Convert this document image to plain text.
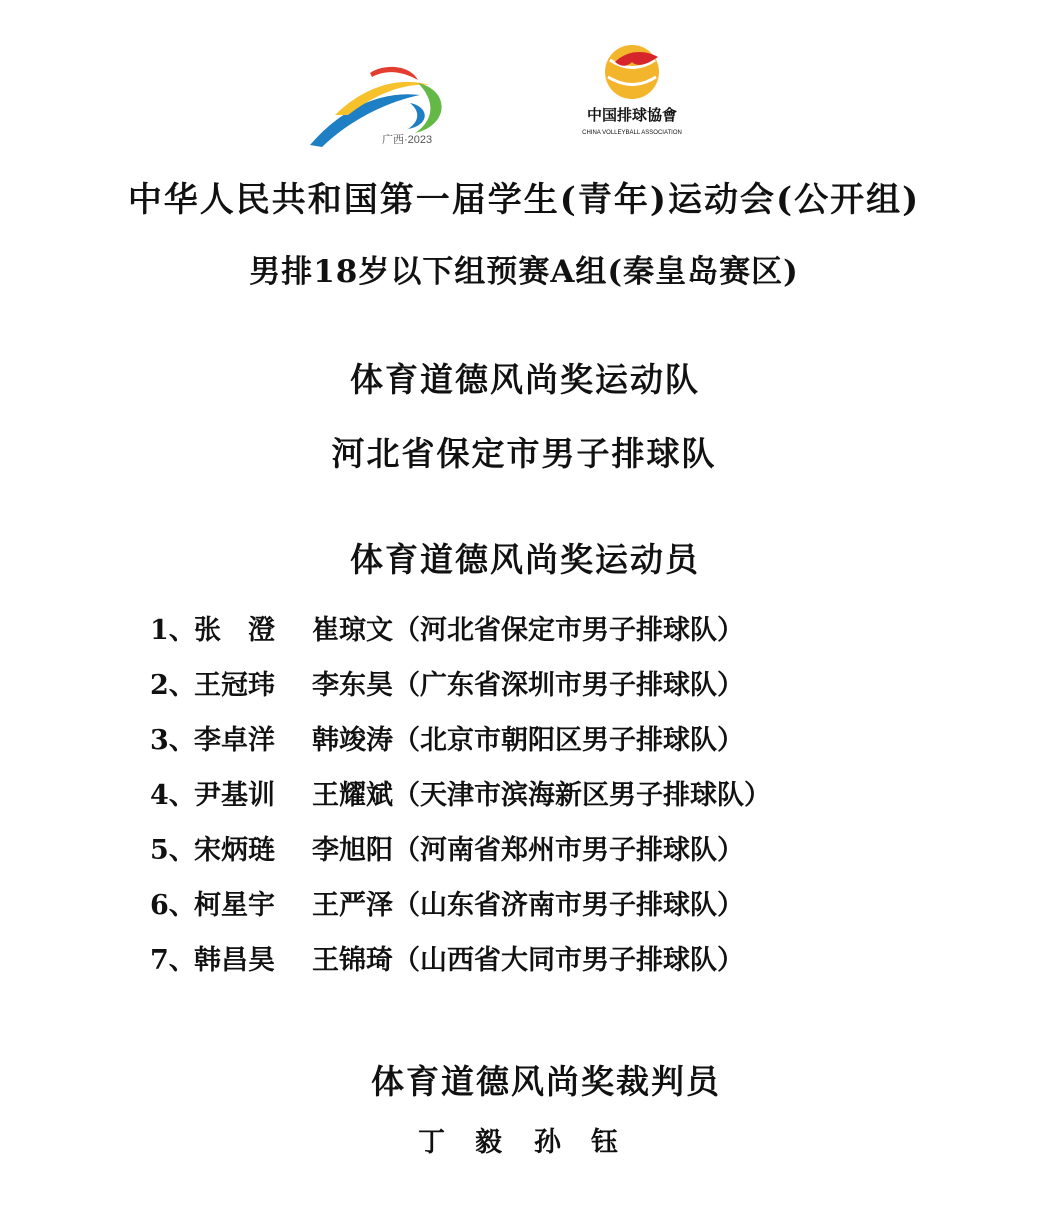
广西·2023
中国排球協會
CHINA VOLLEYBALL ASSOCIATION
中华人民共和国第一届学生(青年)运动会(公开组)
男排18岁以下组预赛A组(秦皇岛赛区)
体育道德风尚奖运动队
河北省保定市男子排球队
体育道德风尚奖运动员
1、张　澄 崔琼文（河北省保定市男子排球队）
2、王冠玮 李东昊（广东省深圳市男子排球队）
3、李卓洋 韩竣涛（北京市朝阳区男子排球队）
4、尹基训 王耀斌（天津市滨海新区男子排球队）
5、宋炳琏 李旭阳（河南省郑州市男子排球队）
6、柯星宇 王严泽（山东省济南市男子排球队）
7、韩昌昊 王锦琦（山西省大同市男子排球队）
体育道德风尚奖裁判员
丁毅孙钰
